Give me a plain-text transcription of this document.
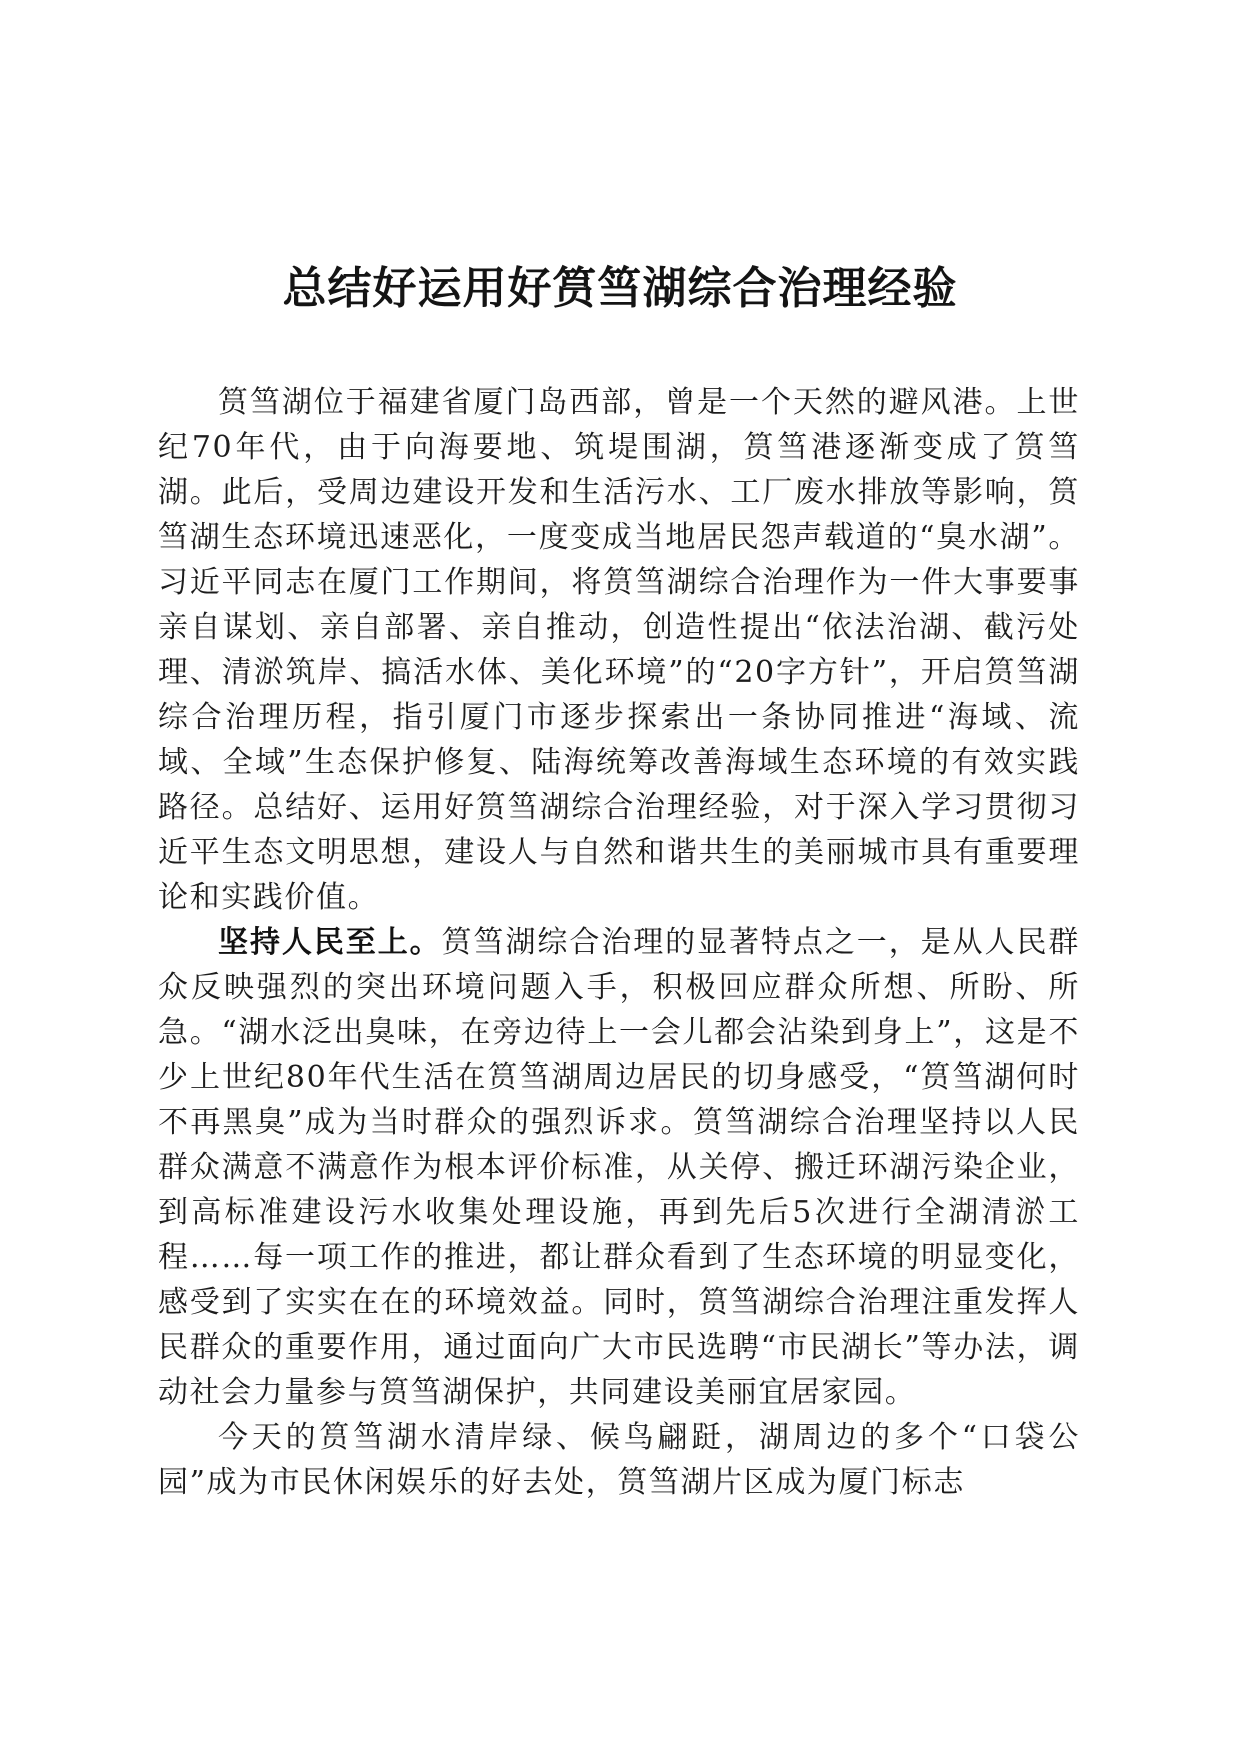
总结好运用好筼筜湖综合治理经验

筼筜湖位于福建省厦门岛西部，曾是一个天然的避风港。上世纪70年代，由于向海要地、筑堤围湖，筼筜港逐渐变成了筼筜湖。此后，受周边建设开发和生活污水、工厂废水排放等影响，筼筜湖生态环境迅速恶化，一度变成当地居民怨声载道的“臭水湖”。习近平同志在厦门工作期间，将筼筜湖综合治理作为一件大事要事亲自谋划、亲自部署、亲自推动，创造性提出“依法治湖、截污处理、清淤筑岸、搞活水体、美化环境”的“20字方针”，开启筼筜湖综合治理历程，指引厦门市逐步探索出一条协同推进“海域、流域、全域”生态保护修复、陆海统筹改善海域生态环境的有效实践路径。总结好、运用好筼筜湖综合治理经验，对于深入学习贯彻习近平生态文明思想，建设人与自然和谐共生的美丽城市具有重要理论和实践价值。

坚持人民至上。筼筜湖综合治理的显著特点之一，是从人民群众反映强烈的突出环境问题入手，积极回应群众所想、所盼、所急。“湖水泛出臭味，在旁边待上一会儿都会沾染到身上”，这是不少上世纪80年代生活在筼筜湖周边居民的切身感受，“筼筜湖何时不再黑臭”成为当时群众的强烈诉求。筼筜湖综合治理坚持以人民群众满意不满意作为根本评价标准，从关停、搬迁环湖污染企业，到高标准建设污水收集处理设施，再到先后5次进行全湖清淤工程……每一项工作的推进，都让群众看到了生态环境的明显变化，感受到了实实在在的环境效益。同时，筼筜湖综合治理注重发挥人民群众的重要作用，通过面向广大市民选聘“市民湖长”等办法，调动社会力量参与筼筜湖保护，共同建设美丽宜居家园。

今天的筼筜湖水清岸绿、候鸟翩跹，湖周边的多个“口袋公园”成为市民休闲娱乐的好去处，筼筜湖片区成为厦门标志
